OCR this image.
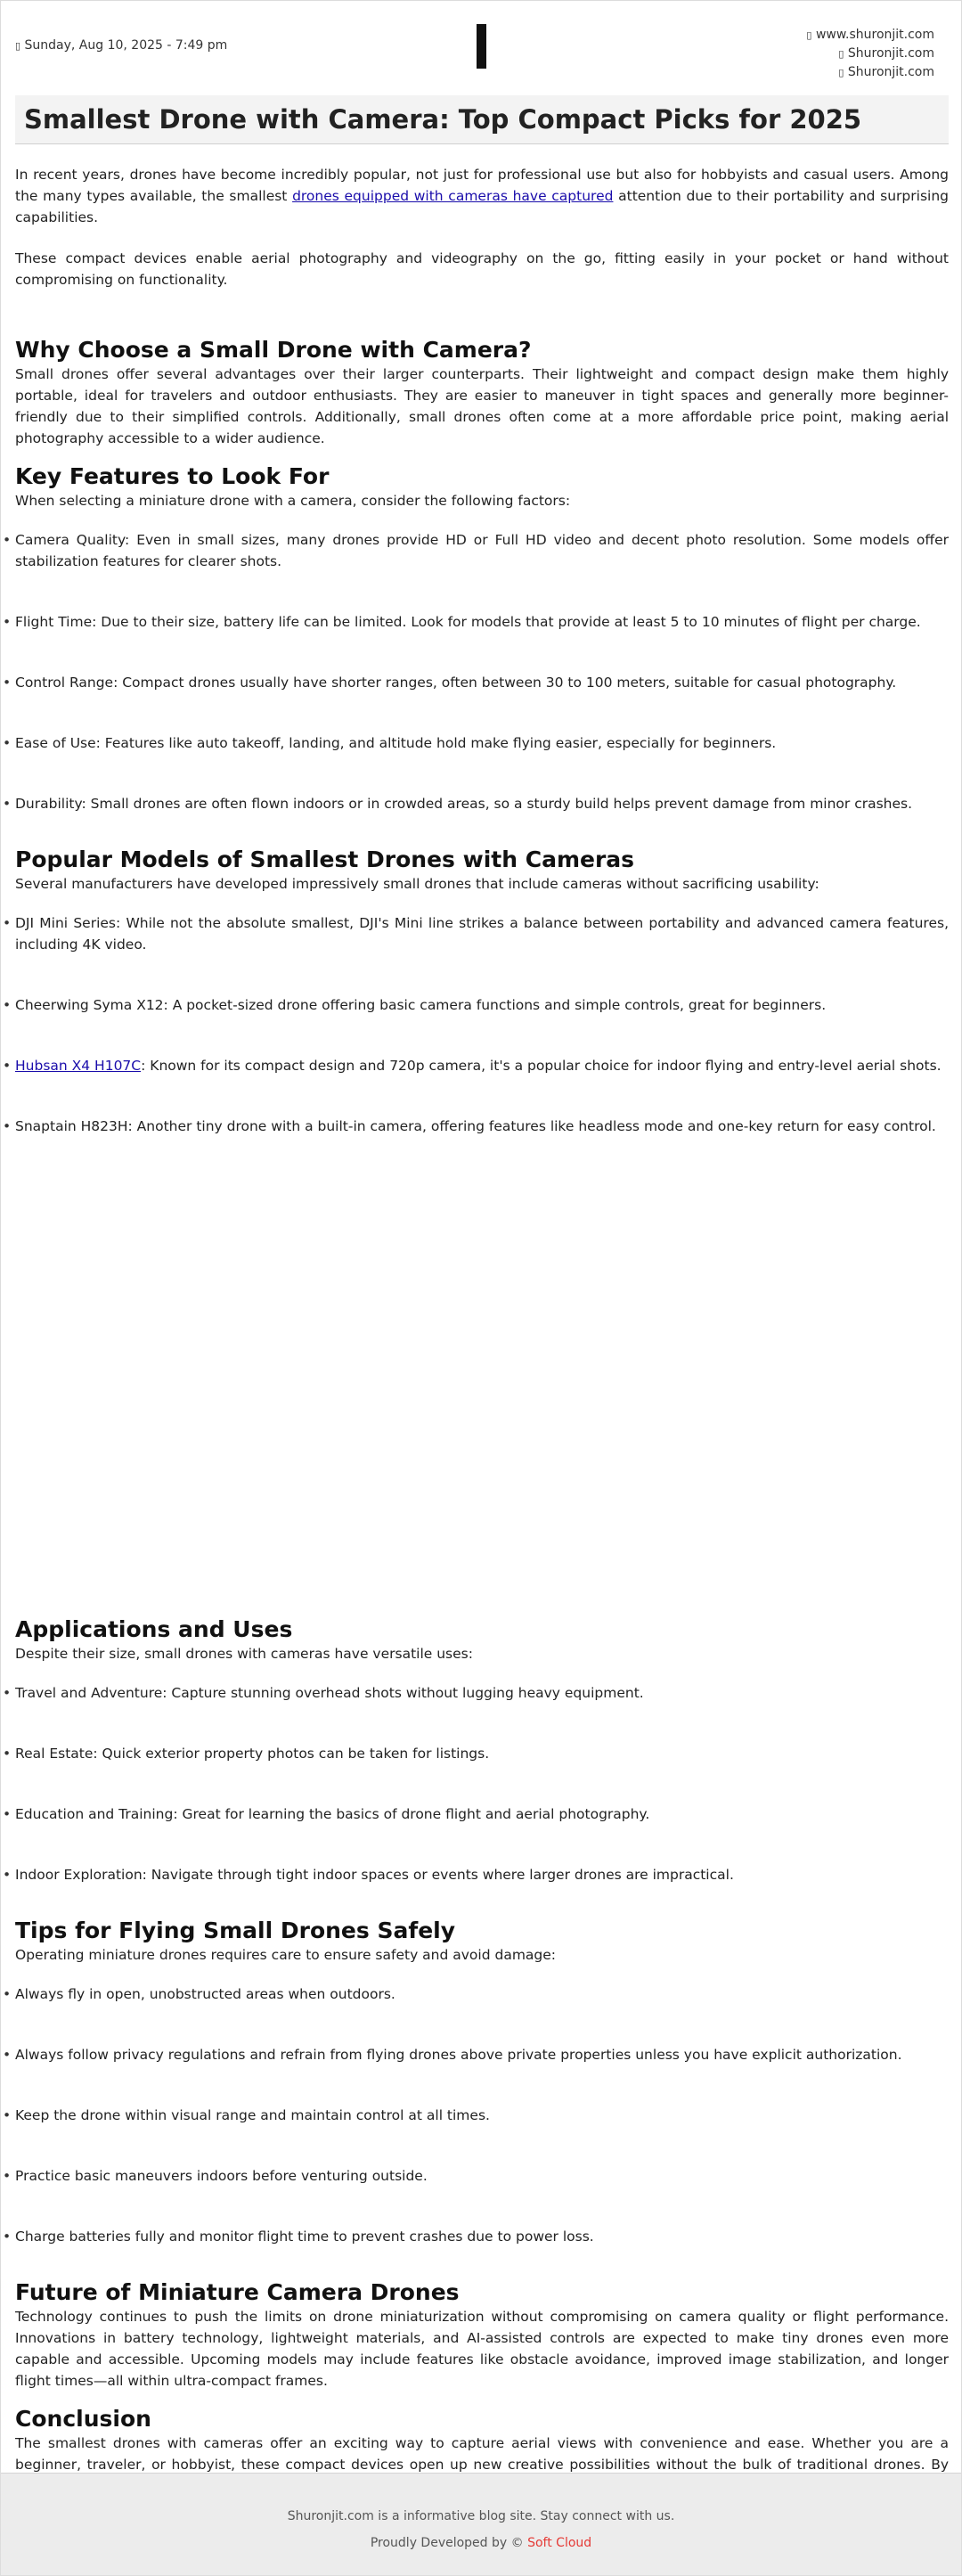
▯ Sunday, Aug 10, 2025 - 7:49 pm
▯ www.shuronjit.com
▯ Shuronjit.com
▯ Shuronjit.com
Smallest Drone with Camera: Top Compact Picks for 2025

In recent years, drones have become incredibly popular, not just for professional use but also for hobbyists and casual users. Among the many types available, the smallest drones equipped with cameras have captured attention due to their portability and surprising capabilities.

These compact devices enable aerial photography and videography on the go, fitting easily in your pocket or hand without compromising on functionality.

Why Choose a Small Drone with Camera?

Small drones offer several advantages over their larger counterparts. Their lightweight and compact design make them highly portable, ideal for travelers and outdoor enthusiasts. They are easier to maneuver in tight spaces and generally more beginner-friendly due to their simplified controls. Additionally, small drones often come at a more affordable price point, making aerial photography accessible to a wider audience.

Key Features to Look For

When selecting a miniature drone with a camera, consider the following factors:

• Camera Quality: Even in small sizes, many drones provide HD or Full HD video and decent photo resolution. Some models offer stabilization features for clearer shots.
• Flight Time: Due to their size, battery life can be limited. Look for models that provide at least 5 to 10 minutes of flight per charge.
• Control Range: Compact drones usually have shorter ranges, often between 30 to 100 meters, suitable for casual photography.
• Ease of Use: Features like auto takeoff, landing, and altitude hold make flying easier, especially for beginners.
• Durability: Small drones are often flown indoors or in crowded areas, so a sturdy build helps prevent damage from minor crashes.
Popular Models of Smallest Drones with Cameras

Several manufacturers have developed impressively small drones that include cameras without sacrificing usability:

• DJI Mini Series: While not the absolute smallest, DJI's Mini line strikes a balance between portability and advanced camera features, including 4K video.
• Cheerwing Syma X12: A pocket-sized drone offering basic camera functions and simple controls, great for beginners.
• Hubsan X4 H107C: Known for its compact design and 720p camera, it's a popular choice for indoor flying and entry-level aerial shots.
• Snaptain H823H: Another tiny drone with a built-in camera, offering features like headless mode and one-key return for easy control.
Applications and Uses

Despite their size, small drones with cameras have versatile uses:

• Travel and Adventure: Capture stunning overhead shots without lugging heavy equipment.
• Real Estate: Quick exterior property photos can be taken for listings.
• Education and Training: Great for learning the basics of drone flight and aerial photography.
• Indoor Exploration: Navigate through tight indoor spaces or events where larger drones are impractical.
Tips for Flying Small Drones Safely

Operating miniature drones requires care to ensure safety and avoid damage:

• Always fly in open, unobstructed areas when outdoors.
• Always follow privacy regulations and refrain from flying drones above private properties unless you have explicit authorization.
• Keep the drone within visual range and maintain control at all times.
• Practice basic maneuvers indoors before venturing outside.
• Charge batteries fully and monitor flight time to prevent crashes due to power loss.
Future of Miniature Camera Drones

Technology continues to push the limits on drone miniaturization without compromising on camera quality or flight performance. Innovations in battery technology, lightweight materials, and AI-assisted controls are expected to make tiny drones even more capable and accessible. Upcoming models may include features like obstacle avoidance, improved image stabilization, and longer flight times—all within ultra-compact frames.

Conclusion

The smallest drones with cameras offer an exciting way to capture aerial views with convenience and ease. Whether you are a beginner, traveler, or hobbyist, these compact devices open up new creative possibilities without the bulk of traditional drones. By

Shuronjit.com is a informative blog site. Stay connect with us.
Proudly Developed by © Soft Cloud
